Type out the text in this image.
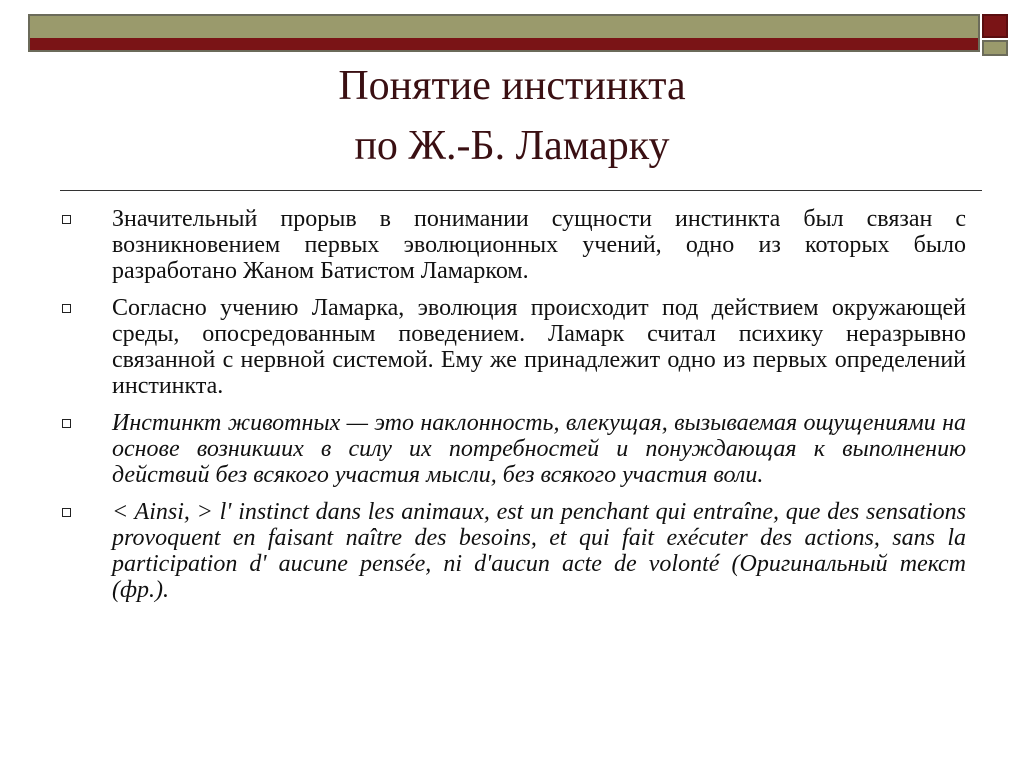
Понятие инстинкта
по Ж.-Б. Ламарку
Значительный прорыв в понимании сущности инстинкта был связан с возникновением первых эволюционных учений, одно из которых было разработано Жаном Батистом Ламарком.
Согласно учению Ламарка, эволюция происходит под действием окружающей среды, опосредованным поведением. Ламарк считал психику неразрывно связанной с нервной системой. Ему же принадлежит одно из первых определений инстинкта.
Инстинкт животных — это наклонность, влекущая, вызываемая ощущениями на основе возникших в силу их потребностей и понуждающая к выполнению действий без всякого участия мысли, без всякого участия воли.
< Ainsi, > l' instinct dans les animaux, est un penchant qui entraîne, que des sensations provoquent en faisant naître des besoins, et qui fait exécuter des actions, sans la participation d' aucune pensée, ni d'aucun acte de volonté (Оригинальный текст (фр.).
